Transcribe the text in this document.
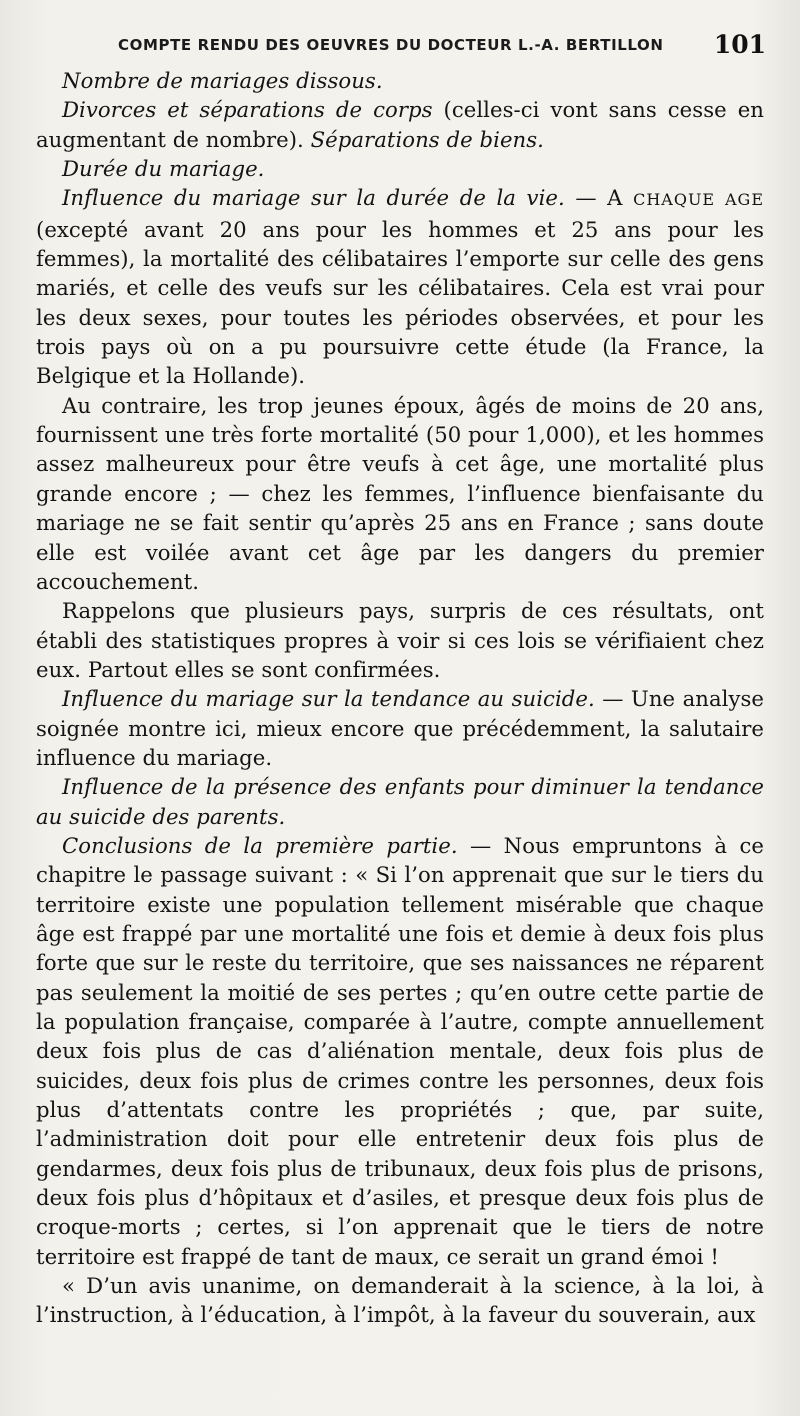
COMPTE RENDU DES OEUVRES DU DOCTEUR L.-A. BERTILLON 101

Nombre de mariages dissous.

Divorces et séparations de corps (celles-ci vont sans cesse en augmentant de nombre). Séparations de biens.

Durée du mariage.

Influence du mariage sur la durée de la vie. — A CHAQUE AGE (excepté avant 20 ans pour les hommes et 25 ans pour les femmes), la mortalité des célibataires l’emporte sur celle des gens mariés, et celle des veufs sur les célibataires. Cela est vrai pour les deux sexes, pour toutes les périodes observées, et pour les trois pays où on a pu poursuivre cette étude (la France, la Belgique et la Hollande).

Au contraire, les trop jeunes époux, âgés de moins de 20 ans, fournissent une très forte mortalité (50 pour 1,000), et les hommes assez malheureux pour être veufs à cet âge, une mortalité plus grande encore ; — chez les femmes, l’influence bienfaisante du mariage ne se fait sentir qu’après 25 ans en France ; sans doute elle est voilée avant cet âge par les dangers du premier accouchement.

Rappelons que plusieurs pays, surpris de ces résultats, ont établi des statistiques propres à voir si ces lois se vérifiaient chez eux. Partout elles se sont confirmées.

Influence du mariage sur la tendance au suicide. — Une analyse soignée montre ici, mieux encore que précédemment, la salutaire influence du mariage.

Influence de la présence des enfants pour diminuer la tendance au suicide des parents.

Conclusions de la première partie. — Nous empruntons à ce chapitre le passage suivant : « Si l’on apprenait que sur le tiers du territoire existe une population tellement misérable que chaque âge est frappé par une mortalité une fois et demie à deux fois plus forte que sur le reste du territoire, que ses naissances ne réparent pas seulement la moitié de ses pertes ; qu’en outre cette partie de la population française, comparée à l’autre, compte annuellement deux fois plus de cas d’aliénation mentale, deux fois plus de suicides, deux fois plus de crimes contre les personnes, deux fois plus d’attentats contre les propriétés ; que, par suite, l’administration doit pour elle entretenir deux fois plus de gendarmes, deux fois plus de tribunaux, deux fois plus de prisons, deux fois plus d’hôpitaux et d’asiles, et presque deux fois plus de croque-morts ; certes, si l’on apprenait que le tiers de notre territoire est frappé de tant de maux, ce serait un grand émoi !

« D’un avis unanime, on demanderait à la science, à la loi, à l’instruction, à l’éducation, à l’impôt, à la faveur du souverain, aux
